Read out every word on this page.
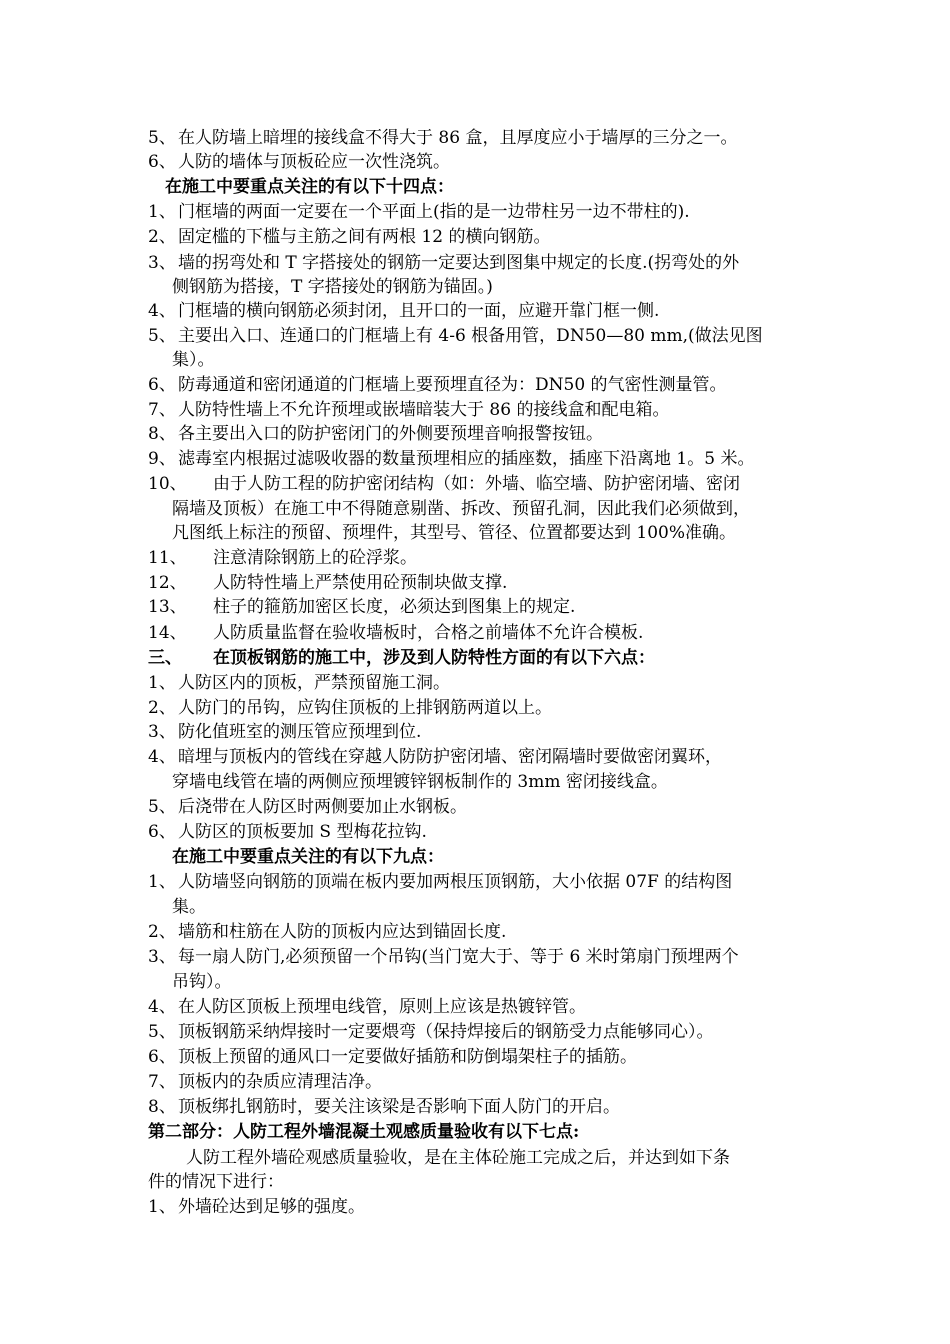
5、 在人防墙上暗埋的接线盒不得大于 86 盒，且厚度应小于墙厚的三分之一。
6、 人防的墙体与顶板砼应一次性浇筑。
在施工中要重点关注的有以下十四点：
1、 门框墙的两面一定要在一个平面上(指的是一边带柱另一边不带柱的).
2、 固定槛的下槛与主筋之间有两根 12 的横向钢筋。
3、 墙的拐弯处和 T 字搭接处的钢筋一定要达到图集中规定的长度.(拐弯处的外
侧钢筋为搭接，T 字搭接处的钢筋为锚固。)
4、 门框墙的横向钢筋必须封闭，且开口的一面，应避开靠门框一侧.
5、 主要出入口、连通口的门框墙上有 4-6 根备用管，DN50—80 mm,(做法见图
集）。
6、 防毒通道和密闭通道的门框墙上要预埋直径为：DN50 的气密性测量管。
7、 人防特性墙上不允许预埋或嵌墙暗装大于 86 的接线盒和配电箱。
8、 各主要出入口的防护密闭门的外侧要预埋音响报警按钮。
9、 滤毒室内根据过滤吸收器的数量预埋相应的插座数，插座下沿离地 1。5 米。
10、 由于人防工程的防护密闭结构（如：外墙、临空墙、防护密闭墙、密闭
隔墙及顶板）在施工中不得随意剔凿、拆改、预留孔洞，因此我们必须做到，
凡图纸上标注的预留、预埋件，其型号、管径、位置都要达到 100%准确。
11、 注意清除钢筋上的砼浮浆。
12、 人防特性墙上严禁使用砼预制块做支撑.
13、 柱子的箍筋加密区长度，必须达到图集上的规定.
14、 人防质量监督在验收墙板时，合格之前墙体不允许合模板.
三、 在顶板钢筋的施工中，涉及到人防特性方面的有以下六点：
1、 人防区内的顶板，严禁预留施工洞。
2、 人防门的吊钩，应钩住顶板的上排钢筋两道以上。
3、 防化值班室的测压管应预埋到位.
4、 暗埋与顶板内的管线在穿越人防防护密闭墙、密闭隔墙时要做密闭翼环，
穿墙电线管在墙的两侧应预埋镀锌钢板制作的 3mm 密闭接线盒。
5、 后浇带在人防区时两侧要加止水钢板。
6、 人防区的顶板要加 S 型梅花拉钩.
在施工中要重点关注的有以下九点：
1、 人防墙竖向钢筋的顶端在板内要加两根压顶钢筋，大小依据 07F 的结构图
集。
2、 墙筋和柱筋在人防的顶板内应达到锚固长度.
3、 每一扇人防门,必须预留一个吊钩(当门宽大于、等于 6 米时第扇门预埋两个
吊钩）。
4、 在人防区顶板上预埋电线管，原则上应该是热镀锌管。
5、 顶板钢筋采纳焊接时一定要煨弯（保持焊接后的钢筋受力点能够同心）。
6、 顶板上预留的通风口一定要做好插筋和防倒塌架柱子的插筋。
7、 顶板内的杂质应清理洁净。
8、 顶板绑扎钢筋时，要关注该梁是否影响下面人防门的开启。
第二部分：人防工程外墙混凝土观感质量验收有以下七点:
人防工程外墙砼观感质量验收，是在主体砼施工完成之后，并达到如下条
件的情况下进行：
1、 外墙砼达到足够的强度。
